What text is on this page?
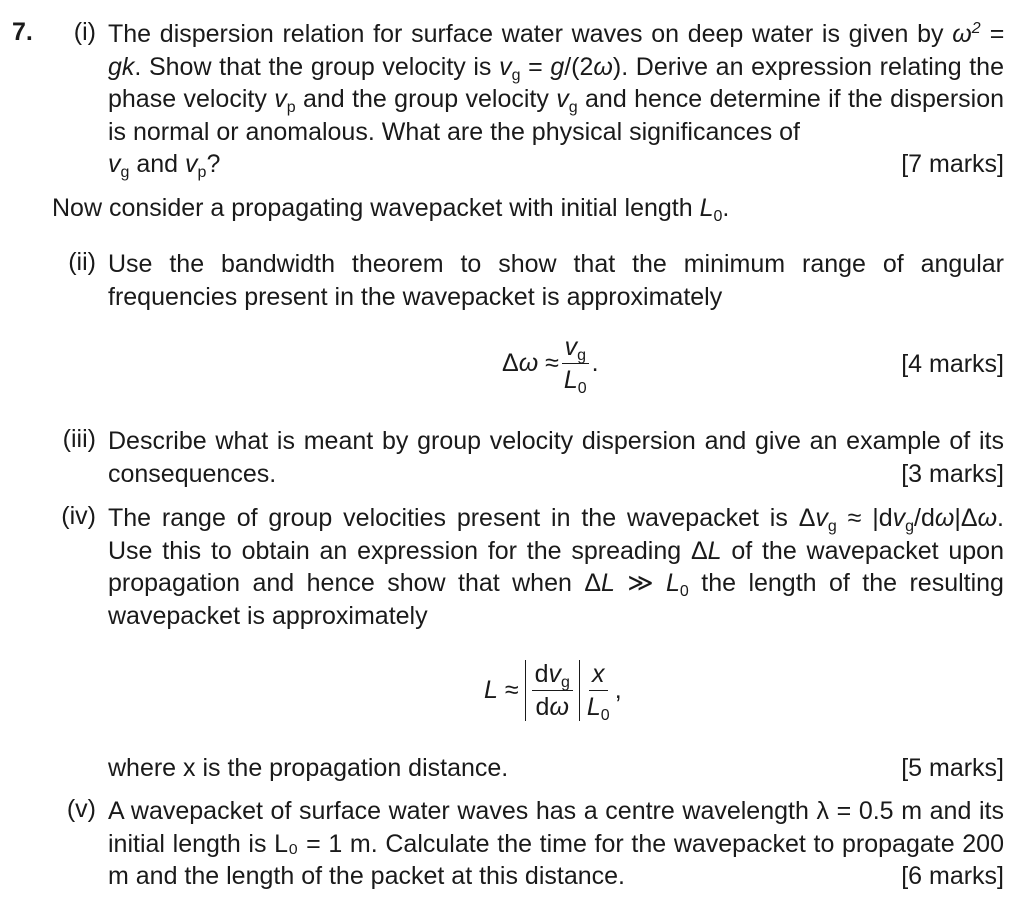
7.	(i) The dispersion relation for surface water waves on deep water is given by $\omega^2$ = gk. Show that the group velocity is $v_g = g/(2\omega)$. Derive an expression relating the phase velocity $v_p$ and the group velocity $v_g$ and hence determine if the dispersion is normal or anomalous. What are the physical significances of
$v_g$ and $v_p$?	[7 marks]
Now consider a propagating wavepacket with initial length $L_0$.
(ii) Use the bandwidth theorem to show that the minimum range of angular frequencies present in the wavepacket is approximately
$\Delta\omega \approx \frac{v_g}{L_0}$ .	[4 marks]
(iii) Describe what is meant by group velocity dispersion and give an example of its consequences.	[3 marks]
(iv) The range of group velocities present in the wavepacket is $\Delta v_g \approx |dv_g/d\omega|\Delta\omega$. Use this to obtain an expression for the spreading ΔL of the wavepacket upon propagation and hence show that when ΔL ≫ $L_0$ the length of the resulting wavepacket is approximately
$L \approx \frac{dv_g}{d\omega} \frac{x}{L_0}$ ,
where x is the propagation distance.	[5 marks]
(v) A wavepacket of surface water waves has a centre wavelength λ = 0.5 m and its initial length is L₀ = 1 m. Calculate the time for the wavepacket to propagate 200 m and the length of the packet at this distance.	[6 marks]
